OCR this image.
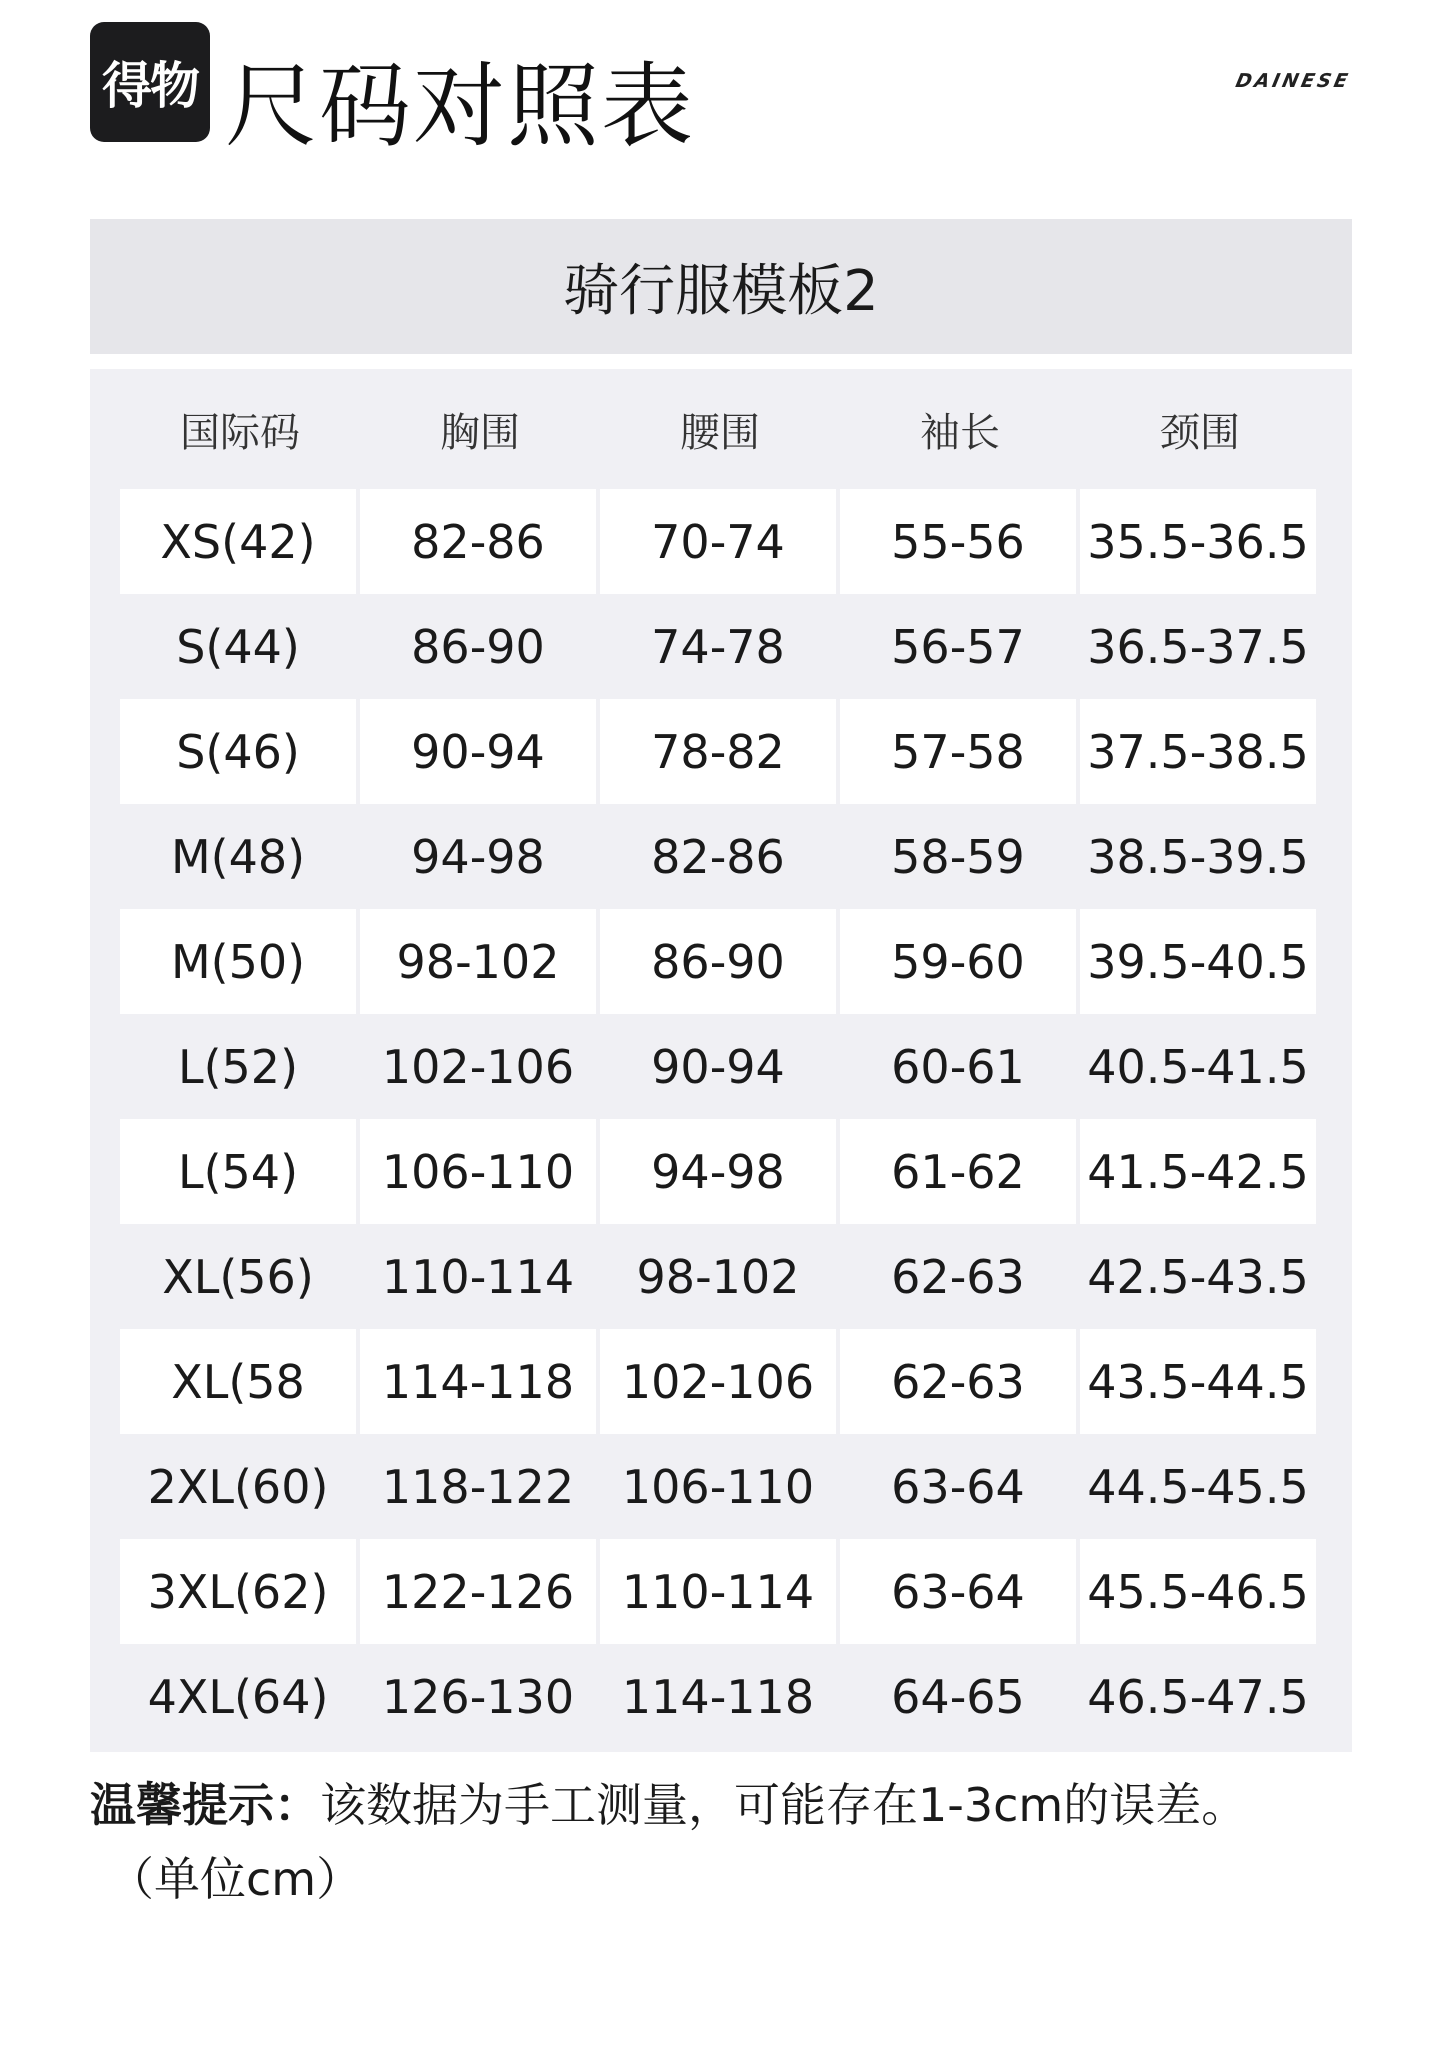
得物 尺码对照表	DAINESE
骑行服模板2
国际码	胸围	腰围	袖长	颈围
XS(42)	82-86	70-74	55-56	35.5-36.5
S(44)	86-90	74-78	56-57	36.5-37.5
S(46)	90-94	78-82	57-58	37.5-38.5
M(48)	94-98	82-86	58-59	38.5-39.5
M(50)	98-102	86-90	59-60	39.5-40.5
L(52)	102-106	90-94	60-61	40.5-41.5
L(54)	106-110	94-98	61-62	41.5-42.5
XL(56)	110-114	98-102	62-63	42.5-43.5
XL(58	114-118	102-106	62-63	43.5-44.5
2XL(60)	118-122	106-110	63-64	44.5-45.5
3XL(62)	122-126	110-114	63-64	45.5-46.5
4XL(64)	126-130	114-118	64-65	46.5-47.5
温馨提示：该数据为手工测量，可能存在1-3cm的误差。
（单位cm）
